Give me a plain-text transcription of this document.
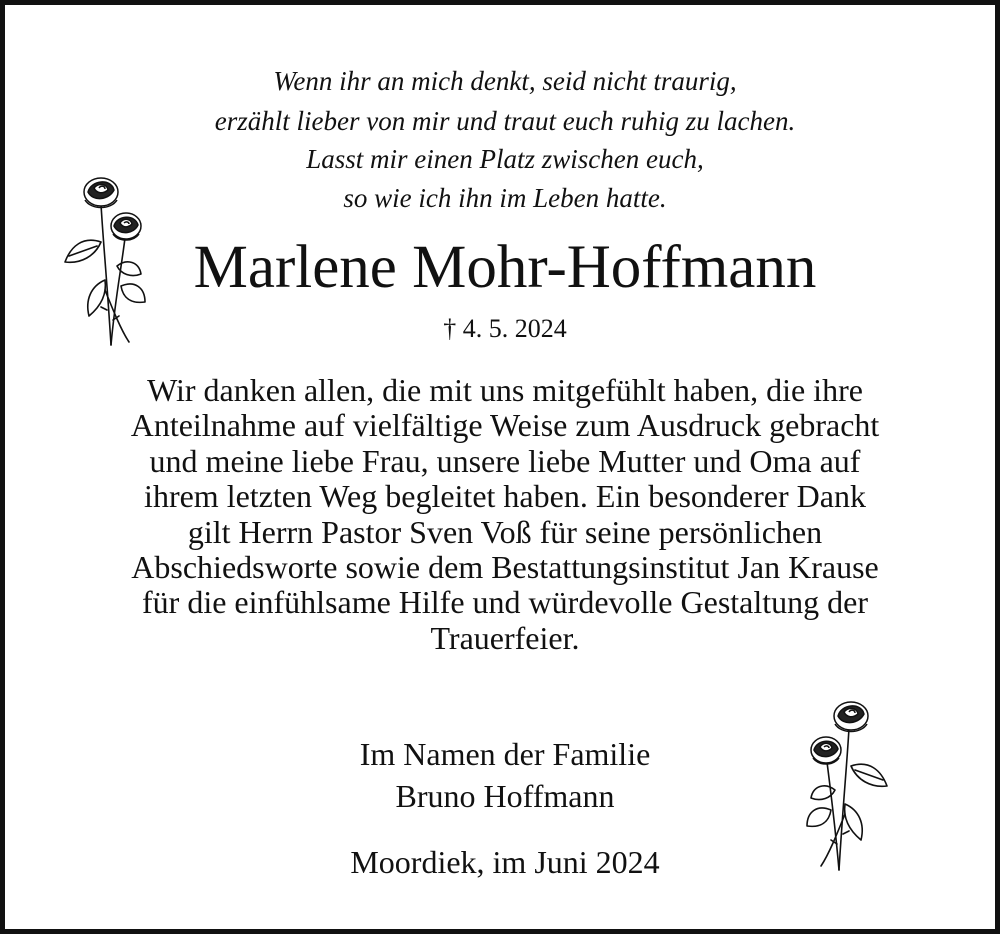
Wenn ihr an mich denkt, seid nicht traurig,
erzählt lieber von mir und traut euch ruhig zu lachen.
Lasst mir einen Platz zwischen euch,
so wie ich ihn im Leben hatte.
Marlene Mohr-Hoffmann
† 4. 5. 2024
Wir danken allen, die mit uns mitgefühlt haben, die ihre
Anteilnahme auf vielfältige Weise zum Ausdruck gebracht
und meine liebe Frau, unsere liebe Mutter und Oma auf
ihrem letzten Weg begleitet haben. Ein besonderer Dank
gilt Herrn Pastor Sven Voß für seine persönlichen
Abschiedsworte sowie dem Bestattungsinstitut Jan Krause
für die einfühlsame Hilfe und würdevolle Gestaltung der
Trauerfeier.
Im Namen der Familie
Bruno Hoffmann
Moordiek, im Juni 2024
